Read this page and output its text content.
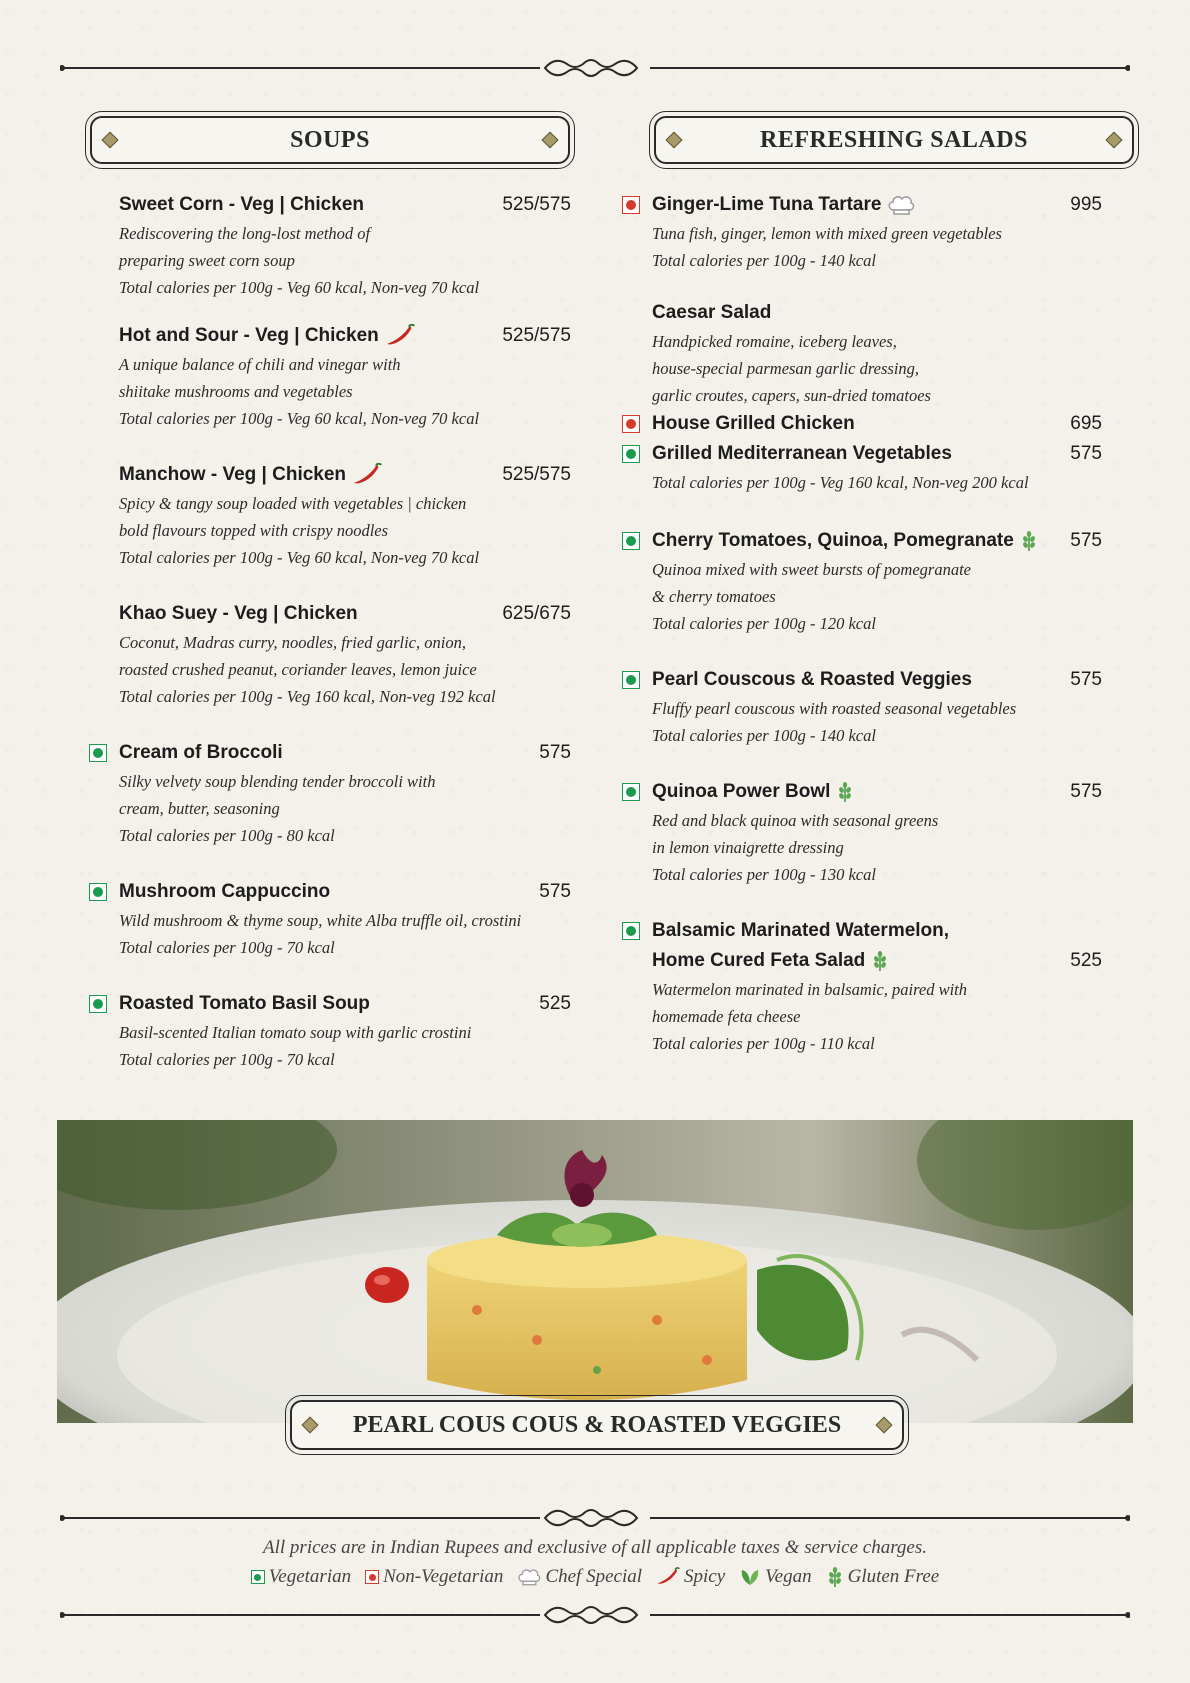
SOUPS	REFRESHING SALADS
Sweet Corn - Veg | Chicken	525/575
Rediscovering the long-lost method of
preparing sweet corn soup
Total calories per 100g - Veg 60 kcal, Non-veg 70 kcal
Hot and Sour - Veg | Chicken	525/575
A unique balance of chili and vinegar with
shiitake mushrooms and vegetables
Total calories per 100g - Veg 60 kcal, Non-veg 70 kcal
Manchow - Veg | Chicken	525/575
Spicy & tangy soup loaded with vegetables | chicken
bold flavours topped with crispy noodles
Total calories per 100g - Veg 60 kcal, Non-veg 70 kcal
Khao Suey - Veg | Chicken	625/675
Coconut, Madras curry, noodles, fried garlic, onion,
roasted crushed peanut, coriander leaves, lemon juice
Total calories per 100g - Veg 160 kcal, Non-veg 192 kcal
Cream of Broccoli	575
Silky velvety soup blending tender broccoli with
cream, butter, seasoning
Total calories per 100g - 80 kcal
Mushroom Cappuccino	575
Wild mushroom & thyme soup, white Alba truffle oil, crostini
Total calories per 100g - 70 kcal
Roasted Tomato Basil Soup	525
Basil-scented Italian tomato soup with garlic crostini
Total calories per 100g - 70 kcal
Ginger-Lime Tuna Tartare	995
Tuna fish, ginger, lemon with mixed green vegetables
Total calories per 100g - 140 kcal
Caesar Salad
Handpicked romaine, iceberg leaves,
house-special parmesan garlic dressing,
garlic croutes, capers, sun-dried tomatoes
House Grilled Chicken	695
Grilled Mediterranean Vegetables	575
Total calories per 100g - Veg 160 kcal, Non-veg 200 kcal
Cherry Tomatoes, Quinoa, Pomegranate	575
Quinoa mixed with sweet bursts of pomegranate
& cherry tomatoes
Total calories per 100g - 120 kcal
Pearl Couscous & Roasted Veggies	575
Fluffy pearl couscous with roasted seasonal vegetables
Total calories per 100g - 140 kcal
Quinoa Power Bowl	575
Red and black quinoa with seasonal greens
in lemon vinaigrette dressing
Total calories per 100g - 130 kcal
Balsamic Marinated Watermelon,
Home Cured Feta Salad	525
Watermelon marinated in balsamic, paired with
homemade feta cheese
Total calories per 100g - 110 kcal
PEARL COUS COUS & ROASTED VEGGIES
All prices are in Indian Rupees and exclusive of all applicable taxes & service charges.
Vegetarian Non-Vegetarian Chef Special Spicy Vegan Gluten Free
